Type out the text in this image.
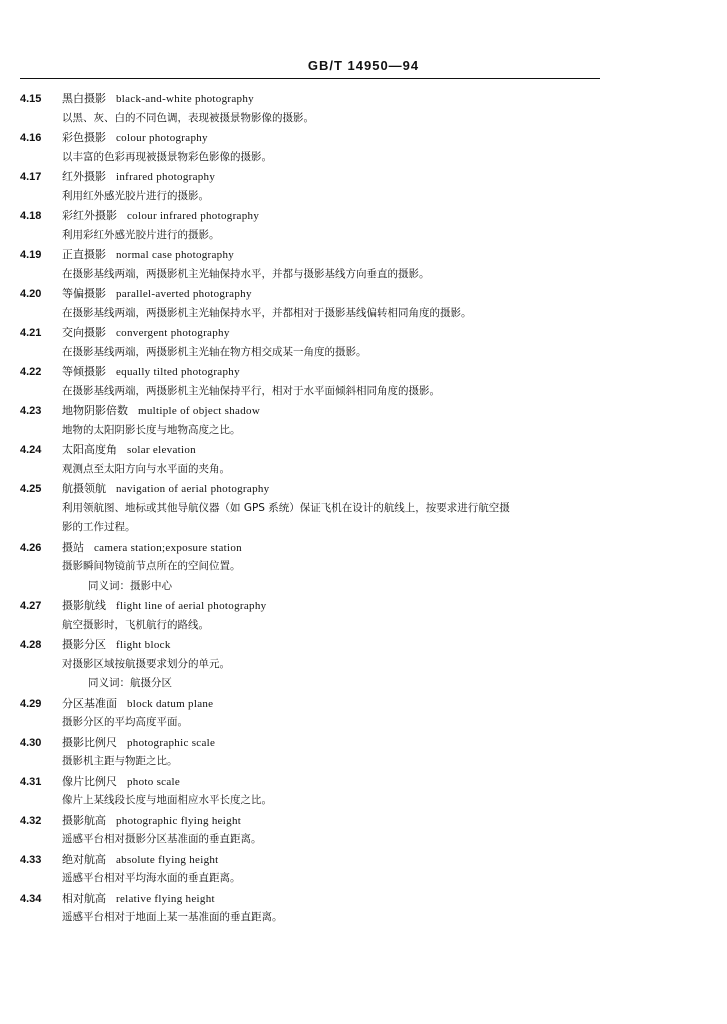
GB/T 14950—94
4.15 黑白摄影 black-and-white photography
以黑、灰、白的不同色调，表现被摄景物影像的摄影。
4.16 彩色摄影 colour photography
以丰富的色彩再现被摄景物彩色影像的摄影。
4.17 红外摄影 infrared photography
利用红外感光胶片进行的摄影。
4.18 彩红外摄影 colour infrared photography
利用彩红外感光胶片进行的摄影。
4.19 正直摄影 normal case photography
在摄影基线两端，两摄影机主光轴保持水平，并都与摄影基线方向垂直的摄影。
4.20 等偏摄影 parallel-averted photography
在摄影基线两端，两摄影机主光轴保持水平，并都相对于摄影基线偏转相同角度的摄影。
4.21 交向摄影 convergent photography
在摄影基线两端，两摄影机主光轴在物方相交成某一角度的摄影。
4.22 等倾摄影 equally tilted photography
在摄影基线两端，两摄影机主光轴保持平行，相对于水平面倾斜相同角度的摄影。
4.23 地物阴影倍数 multiple of object shadow
地物的太阳阴影长度与地物高度之比。
4.24 太阳高度角 solar elevation
观测点至太阳方向与水平面的夹角。
4.25 航摄领航 navigation of aerial photography
利用领航图、地标或其他导航仪器（如 GPS 系统）保证飞机在设计的航线上，按要求进行航空摄
影的工作过程。
4.26 摄站 camera station;exposure station
摄影瞬间物镜前节点所在的空间位置。
同义词：摄影中心
4.27 摄影航线 flight line of aerial photography
航空摄影时，飞机航行的路线。
4.28 摄影分区 flight block
对摄影区域按航摄要求划分的单元。
同义词：航摄分区
4.29 分区基准面 block datum plane
摄影分区的平均高度平面。
4.30 摄影比例尺 photographic scale
摄影机主距与物距之比。
4.31 像片比例尺 photo scale
像片上某线段长度与地面相应水平长度之比。
4.32 摄影航高 photographic flying height
遥感平台相对摄影分区基准面的垂直距离。
4.33 绝对航高 absolute flying height
遥感平台相对平均海水面的垂直距离。
4.34 相对航高 relative flying height
遥感平台相对于地面上某一基准面的垂直距离。
